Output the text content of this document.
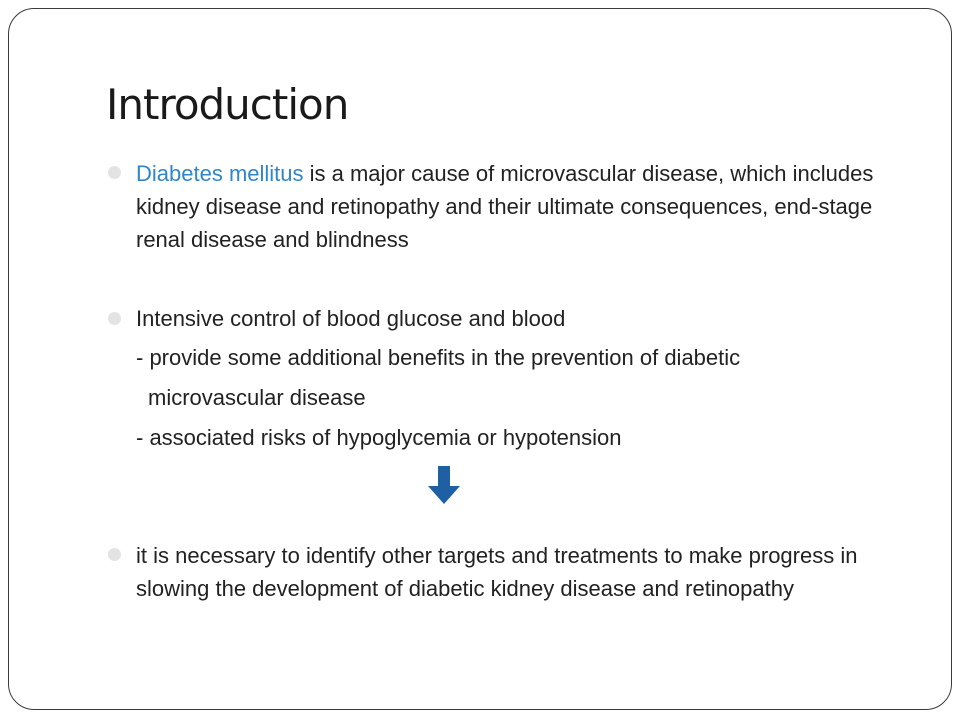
Introduction
Diabetes mellitus is a major cause of microvascular disease, which includes kidney disease and retinopathy and their ultimate consequences, end-stage renal disease and blindness
Intensive control of blood glucose and blood
- provide some additional benefits in the prevention of diabetic
microvascular disease
- associated risks of hypoglycemia or hypotension
it is necessary to identify other targets and treatments to make progress in slowing the development of diabetic kidney disease and retinopathy
